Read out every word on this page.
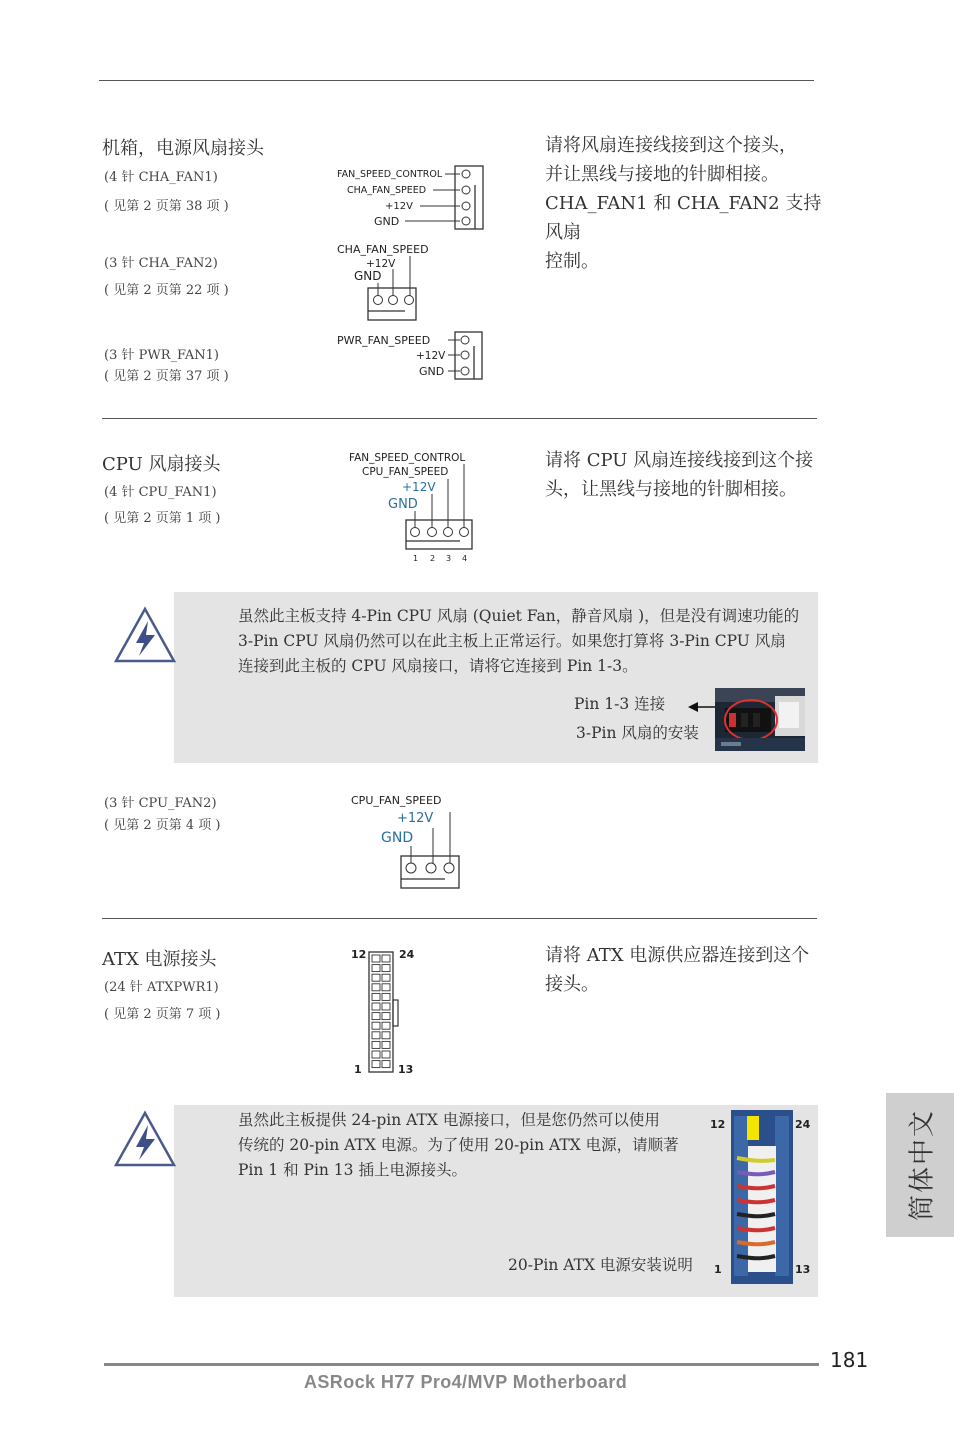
机箱，电源风扇接头
(4 针 CHA_FAN1)
( 见第 2 页第 38 项 )
(3 针 CHA_FAN2)
( 见第 2 页第 22 项 )
(3 针 PWR_FAN1)
( 见第 2 页第 37 项 )
请将风扇连接线接到这个接头，
并让黑线与接地的针脚相接。
CHA_FAN1 和 CHA_FAN2 支持风扇
控制。
FAN_SPEED_CONTROL
CHA_FAN_SPEED
+12V
GND
CHA_FAN_SPEED
+12V
GND
PWR_FAN_SPEED
+12V
GND
CPU 风扇接头
(4 针 CPU_FAN1)
( 见第 2 页第 1 项 )
请将 CPU 风扇连接线接到这个接
头，让黑线与接地的针脚相接。
FAN_SPEED_CONTROL
CPU_FAN_SPEED
+12V
GND
1 2 3 4
虽然此主板支持 4-Pin CPU 风扇 (Quiet Fan，静音风扇 )，但是没有调速功能的
3-Pin CPU 风扇仍然可以在此主板上正常运行。如果您打算将 3-Pin CPU 风扇
连接到此主板的 CPU 风扇接口，请将它连接到 Pin 1-3。
Pin 1-3 连接
3-Pin 风扇的安装
(3 针 CPU_FAN2)
( 见第 2 页第 4 项 )
CPU_FAN_SPEED
+12V
GND
ATX 电源接头
(24 针 ATXPWR1)
( 见第 2 页第 7 项 )
请将 ATX 电源供应器连接到这个
接头。
12	24
1	13
虽然此主板提供 24-pin ATX 电源接口，但是您仍然可以使用
传统的 20-pin ATX 电源。为了使用 20-pin ATX 电源，请顺著
Pin 1 和 Pin 13 插上电源接头。
20-Pin ATX 电源安装说明
12	24
1	13
简体中文
181
ASRock H77 Pro4/MVP Motherboard
